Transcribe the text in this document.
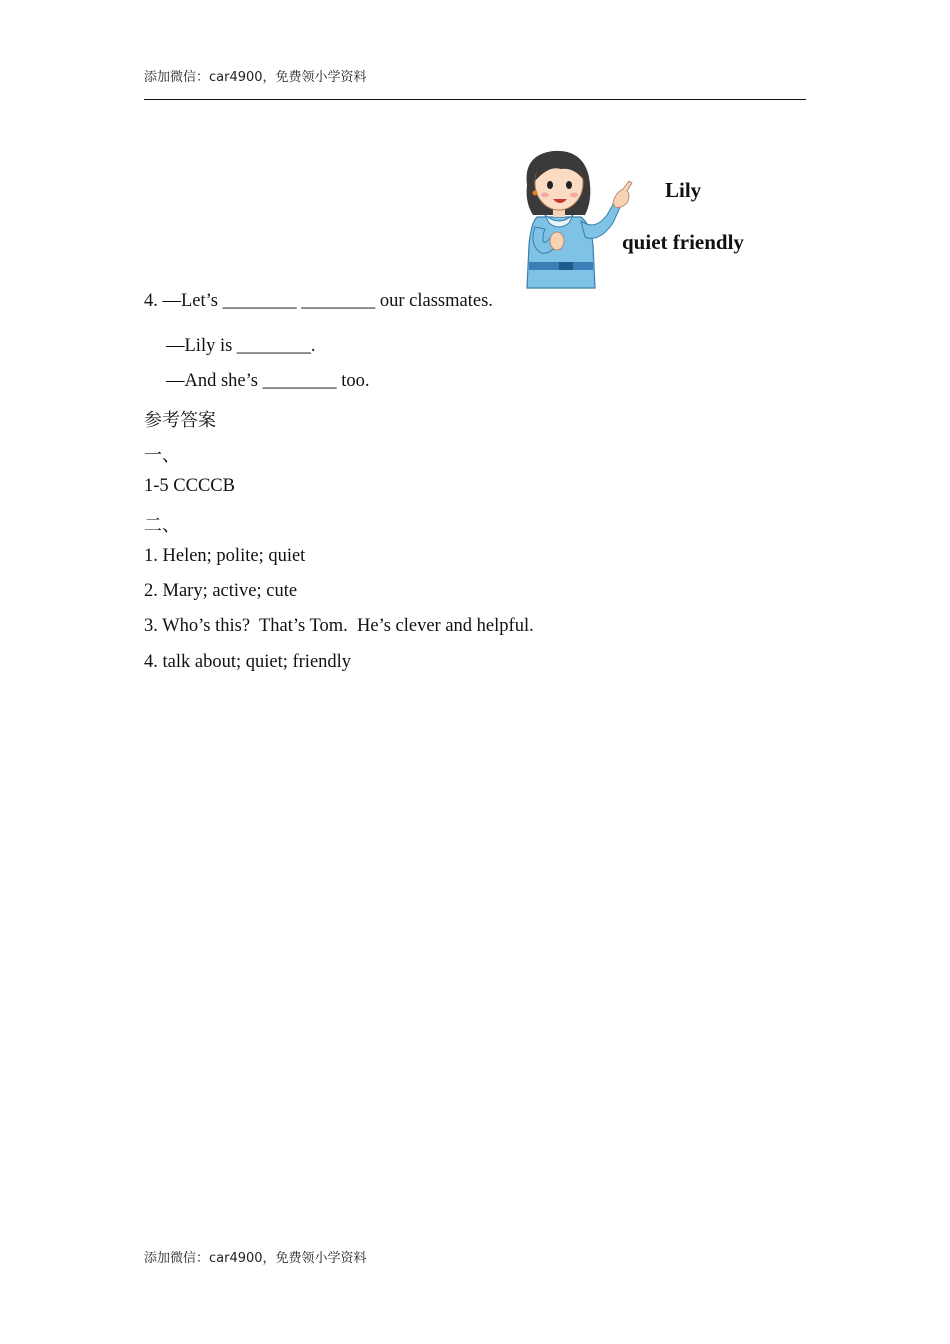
添加微信：car4900，免费领小学资料
Lily
quiet friendly
4. —Let’s ________ ________ our classmates.
—Lily is ________.
—And she’s ________ too.
参考答案
一、
1-5 CCCCB
二、
1. Helen; polite; quiet
2. Mary; active; cute
3. Who’s this?  That’s Tom.  He’s clever and helpful.
4. talk about; quiet; friendly
添加微信：car4900，免费领小学资料
